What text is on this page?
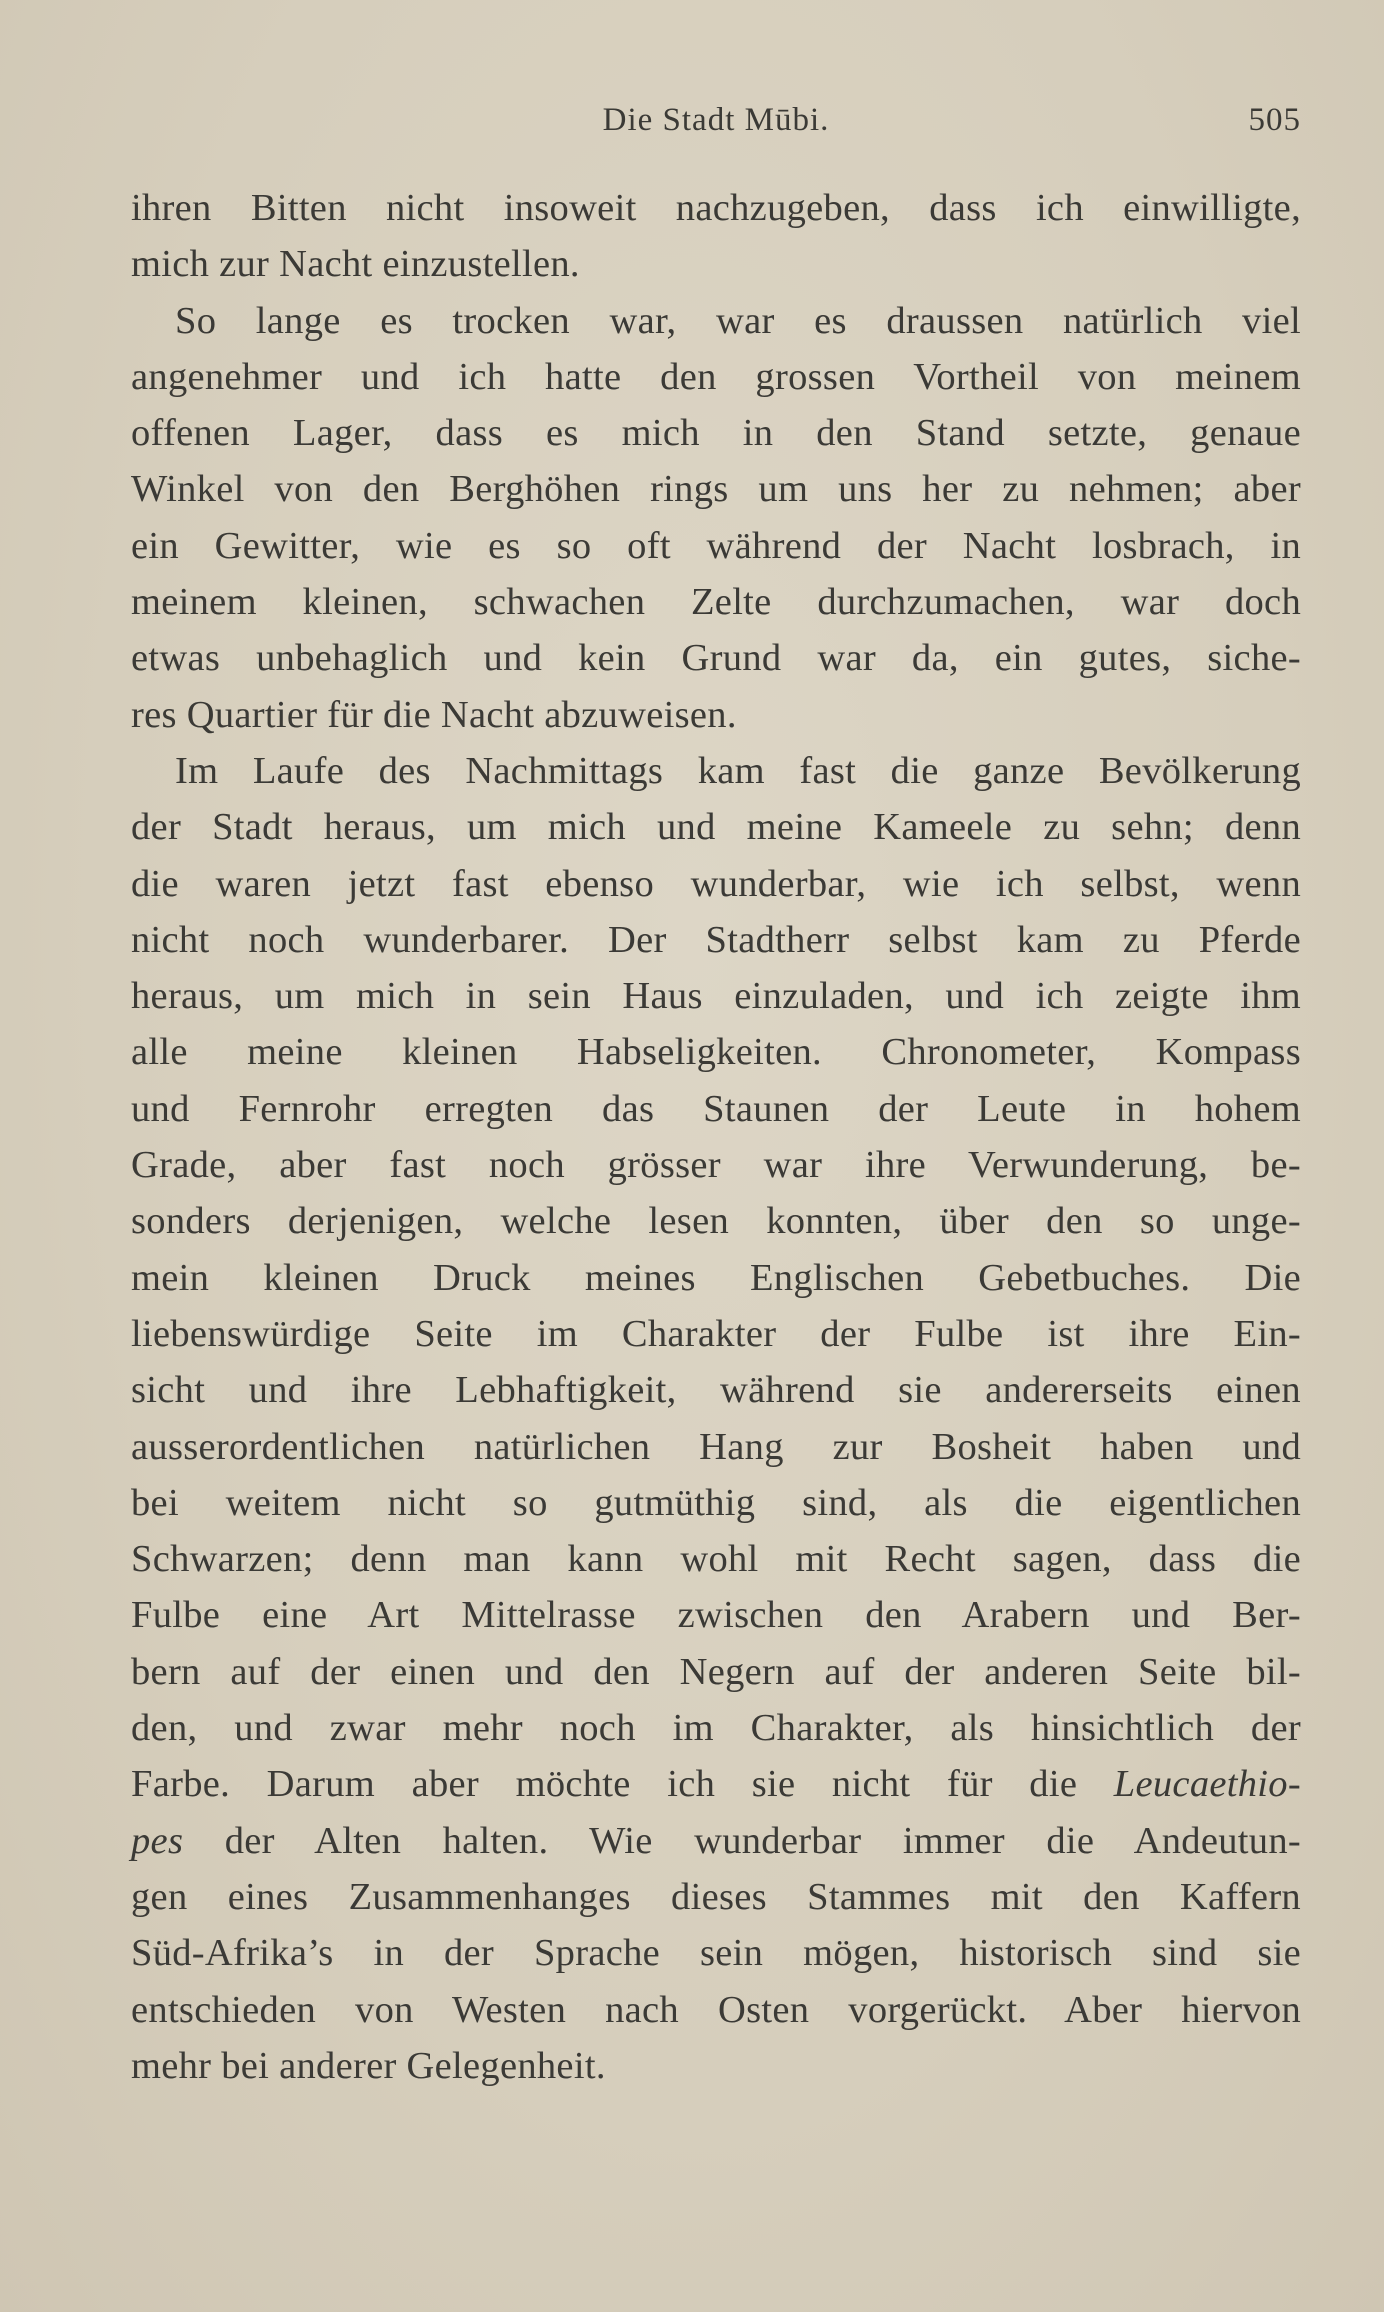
Die Stadt Mūbi.	505
ihren Bitten nicht insoweit nachzugeben, dass ich einwilligte,
mich zur Nacht einzustellen.
So lange es trocken war, war es draussen natürlich viel
angenehmer und ich hatte den grossen Vortheil von meinem
offenen Lager, dass es mich in den Stand setzte, genaue
Winkel von den Berghöhen rings um uns her zu nehmen; aber
ein Gewitter, wie es so oft während der Nacht losbrach, in
meinem kleinen, schwachen Zelte durchzumachen, war doch
etwas unbehaglich und kein Grund war da, ein gutes, siche-
res Quartier für die Nacht abzuweisen.
Im Laufe des Nachmittags kam fast die ganze Bevölkerung
der Stadt heraus, um mich und meine Kameele zu sehn; denn
die waren jetzt fast ebenso wunderbar, wie ich selbst, wenn
nicht noch wunderbarer. Der Stadtherr selbst kam zu Pferde
heraus, um mich in sein Haus einzuladen, und ich zeigte ihm
alle meine kleinen Habseligkeiten. Chronometer, Kompass
und Fernrohr erregten das Staunen der Leute in hohem
Grade, aber fast noch grösser war ihre Verwunderung, be-
sonders derjenigen, welche lesen konnten, über den so unge-
mein kleinen Druck meines Englischen Gebetbuches. Die
liebenswürdige Seite im Charakter der Fulbe ist ihre Ein-
sicht und ihre Lebhaftigkeit, während sie andererseits einen
ausserordentlichen natürlichen Hang zur Bosheit haben und
bei weitem nicht so gutmüthig sind, als die eigentlichen
Schwarzen; denn man kann wohl mit Recht sagen, dass die
Fulbe eine Art Mittelrasse zwischen den Arabern und Ber-
bern auf der einen und den Negern auf der anderen Seite bil-
den, und zwar mehr noch im Charakter, als hinsichtlich der
Farbe. Darum aber möchte ich sie nicht für die Leucaethio-
pes der Alten halten. Wie wunderbar immer die Andeutun-
gen eines Zusammenhanges dieses Stammes mit den Kaffern
Süd-Afrika’s in der Sprache sein mögen, historisch sind sie
entschieden von Westen nach Osten vorgerückt. Aber hiervon
mehr bei anderer Gelegenheit.
